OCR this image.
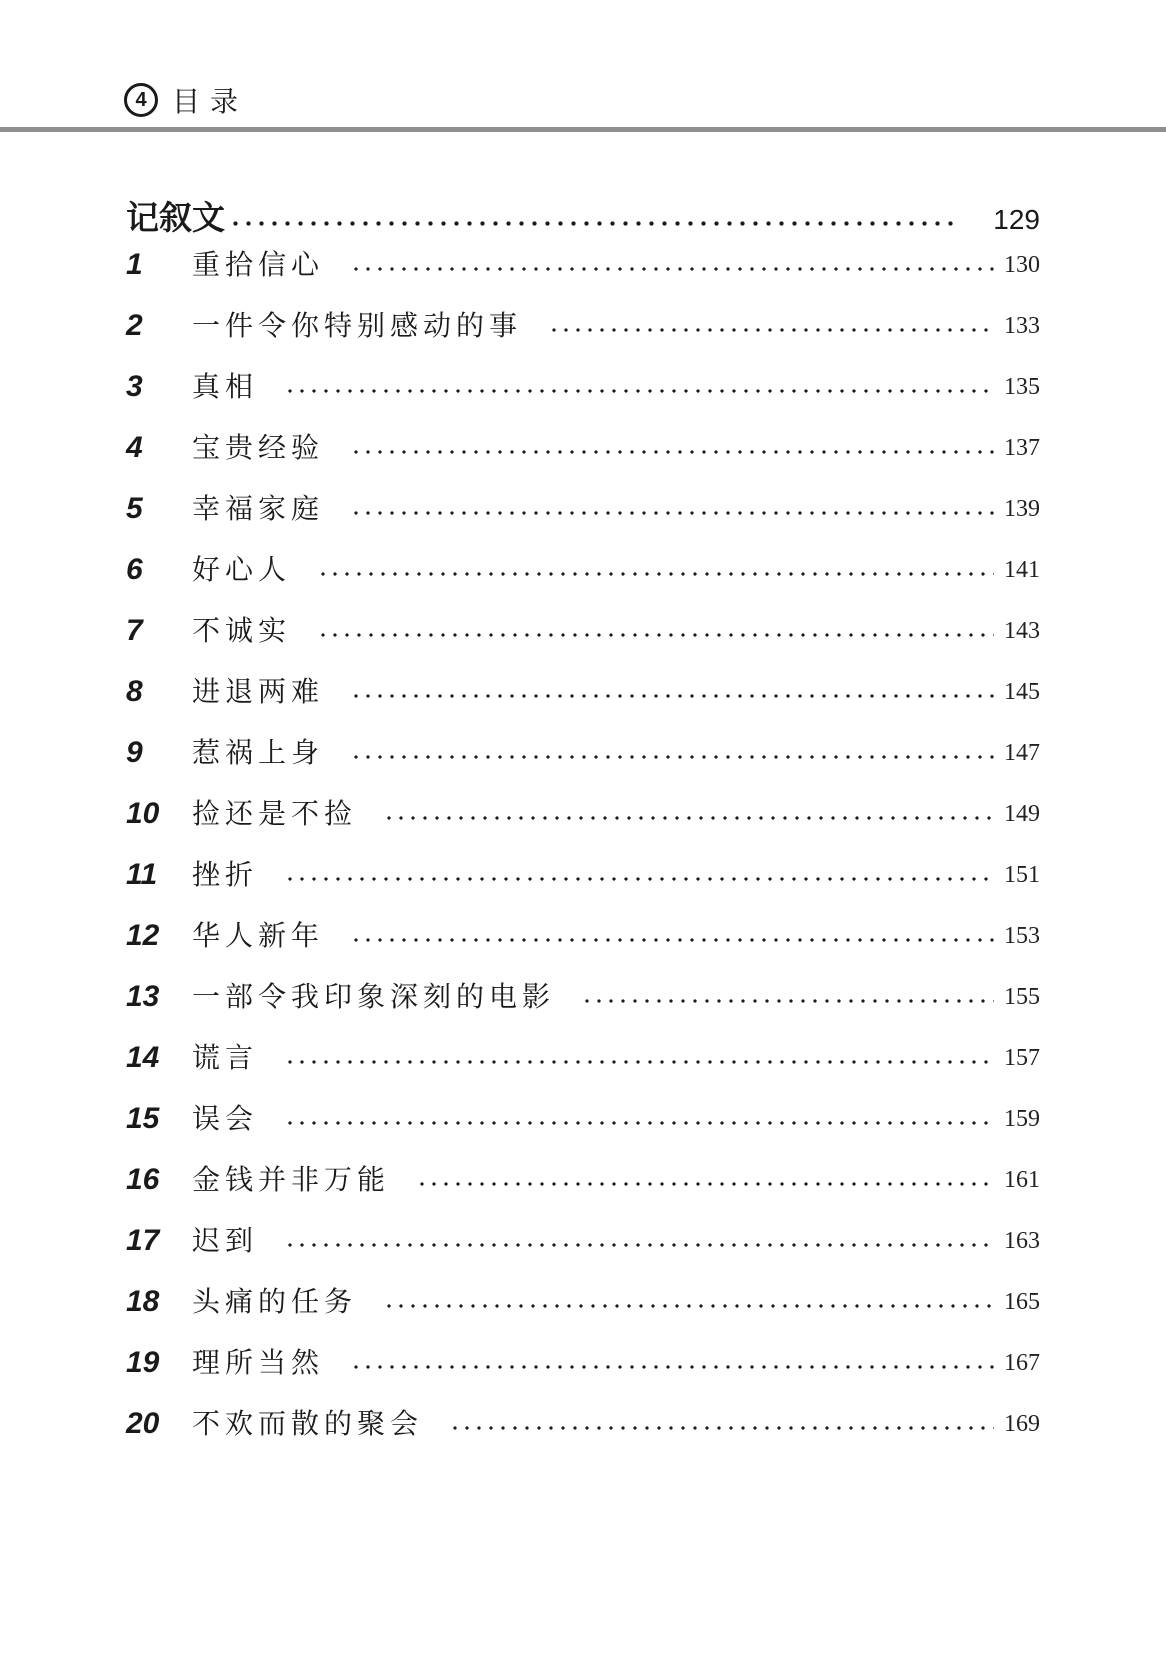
4 目录
记叙文	129
1	重拾信心	130
2	一件令你特别感动的事	133
3	真相	135
4	宝贵经验	137
5	幸福家庭	139
6	好心人	141
7	不诚实	143
8	进退两难	145
9	惹祸上身	147
10	捡还是不捡	149
11	挫折	151
12	华人新年	153
13	一部令我印象深刻的电影	155
14	谎言	157
15	误会	159
16	金钱并非万能	161
17	迟到	163
18	头痛的任务	165
19	理所当然	167
20	不欢而散的聚会	169
